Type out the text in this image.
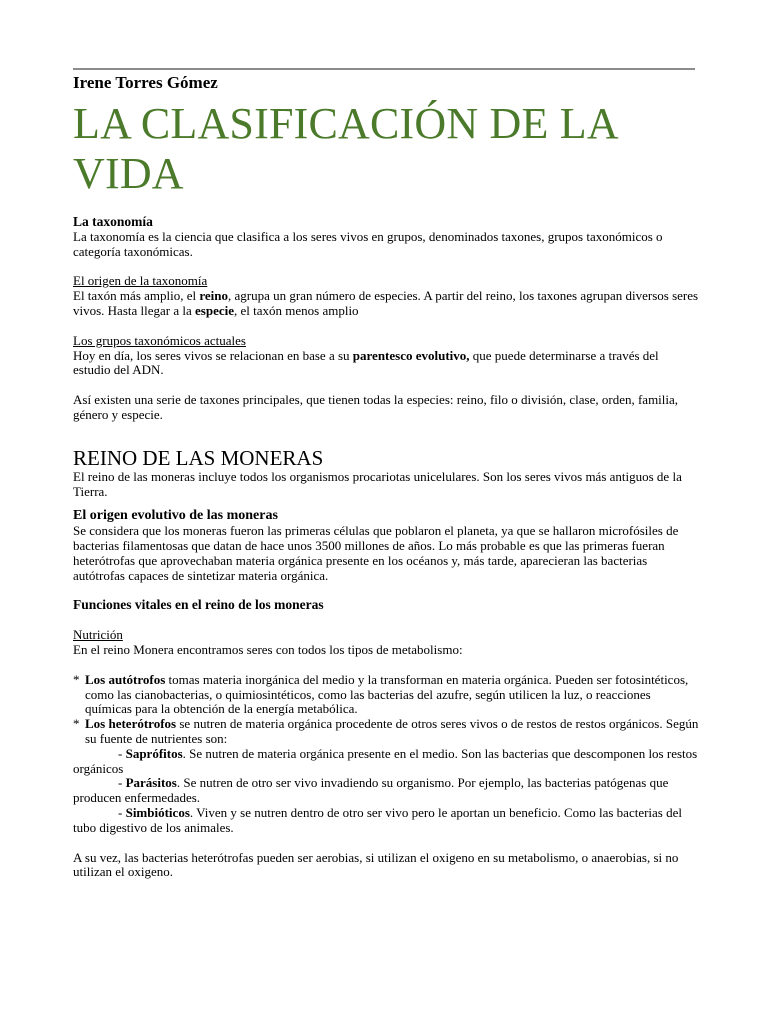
Irene Torres Gómez
LA CLASIFICACIÓN DE LA VIDA

La taxonomía

La taxonomía es la ciencia que clasifica a los seres vivos en grupos, denominados taxones, grupos taxonómicos o categoría taxonómicas.

El origen de la taxonomía

El taxón más amplio, el reino, agrupa un gran número de especies. A partir del reino, los taxones agrupan diversos seres vivos. Hasta llegar a la especie, el taxón menos amplio

Los grupos taxonómicos actuales

Hoy en día, los seres vivos se relacionan en base a su parentesco evolutivo, que puede determinarse a través del estudio del ADN.

Así existen una serie de taxones principales, que tienen todas la especies: reino, filo o división, clase, orden, familia, género y especie.

REINO DE LAS MONERAS

El reino de las moneras incluye todos los organismos procariotas unicelulares. Son los seres vivos más antiguos de la Tierra.

El origen evolutivo de las moneras

Se considera que los moneras fueron las primeras células que poblaron el planeta, ya que se hallaron microfósiles de bacterias filamentosas que datan de hace unos 3500 millones de años. Lo más probable es que las primeras fueran heterótrofas que aprovechaban materia orgánica presente en los océanos y, más tarde, aparecieran las bacterias autótrofas capaces de sintetizar materia orgánica.

Funciones vitales en el reino de los moneras

Nutrición

En el reino Monera encontramos seres con todos los tipos de metabolismo:

* Los autótrofos tomas materia inorgánica del medio y la transforman en materia orgánica. Pueden ser fotosintéticos, como las cianobacterias, o quimiosintéticos, como las bacterias del azufre, según utilicen la luz, o reacciones químicas para la obtención de la energía metabólica.
* Los heterótrofos se nutren de materia orgánica procedente de otros seres vivos o de restos de restos orgánicos. Según su fuente de nutrientes son:

- Saprófitos. Se nutren de materia orgánica presente en el medio. Son las bacterias que descomponen los restos orgánicos

- Parásitos. Se nutren de otro ser vivo invadiendo su organismo. Por ejemplo, las bacterias patógenas que producen enfermedades.

- Simbióticos. Viven y se nutren dentro de otro ser vivo pero le aportan un beneficio. Como las bacterias del tubo digestivo de los animales.

A su vez, las bacterias heterótrofas pueden ser aerobias, si utilizan el oxigeno en su metabolismo, o anaerobias, si no utilizan el oxigeno.
